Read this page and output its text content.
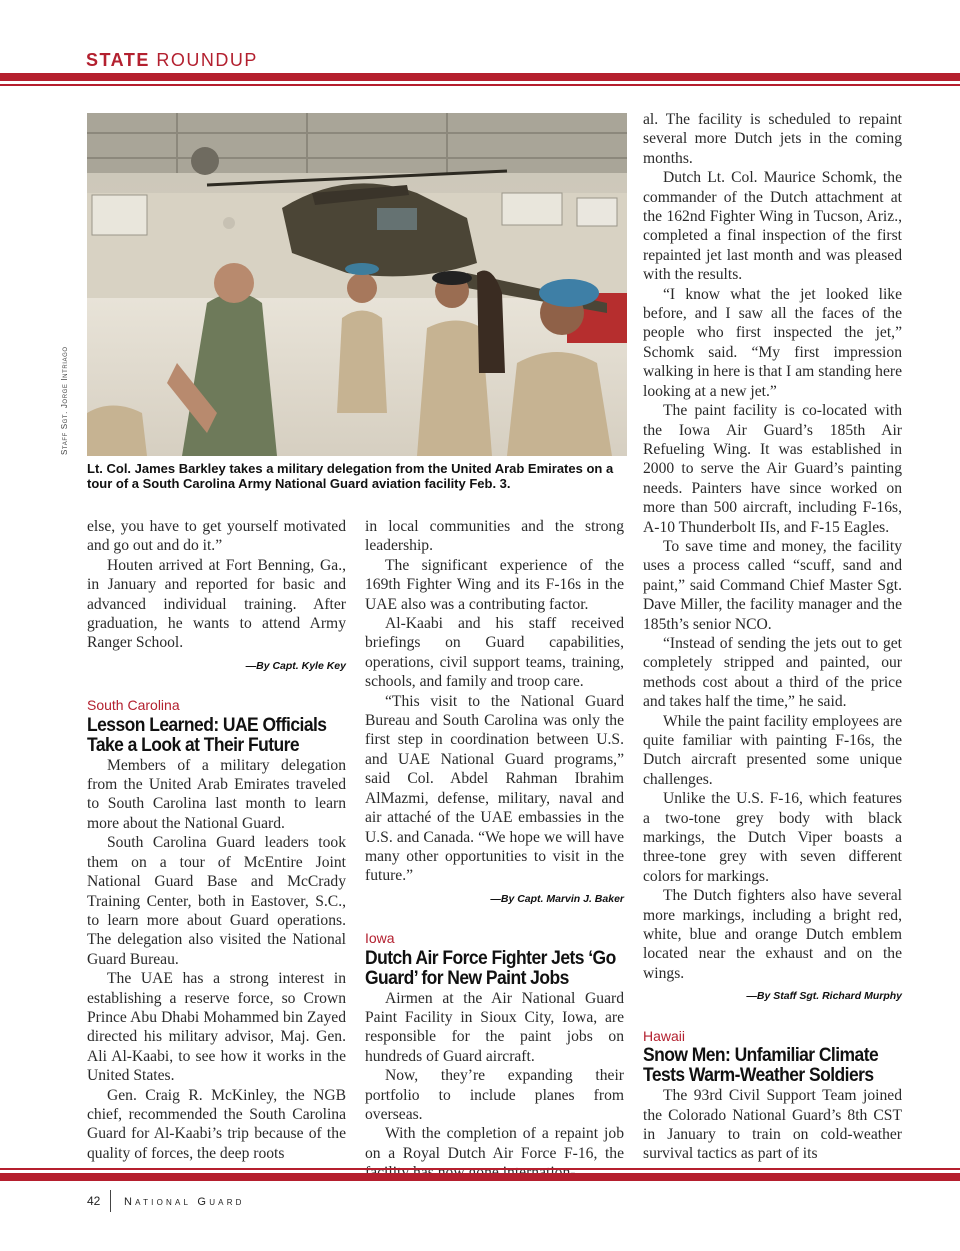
STATE ROUNDUP
Staff Sgt. Jorge Intriago
Lt. Col. James Barkley takes a military delegation from the United Arab Emirates on a tour of a South Carolina Army National Guard aviation facility Feb. 3.

else, you have to get yourself motivated and go out and do it.”

Houten arrived at Fort Benning, Ga., in January and reported for basic and advanced individual training. After graduation, he wants to attend Army Ranger School.

—By Capt. Kyle Key
South Carolina
Lesson Learned: UAE Officials Take a Look at Their Future

Members of a military delegation from the United Arab Emirates traveled to South Carolina last month to learn more about the National Guard.

South Carolina Guard leaders took them on a tour of McEntire Joint National Guard Base and McCrady Training Center, both in Eastover, S.C., to learn more about Guard operations. The delegation also visited the National Guard Bureau.

The UAE has a strong interest in establishing a reserve force, so Crown Prince Abu Dhabi Mohammed bin Zayed directed his military advisor, Maj. Gen. Ali Al-Kaabi, to see how it works in the United States.

Gen. Craig R. McKinley, the NGB chief, recommended the South Carolina Guard for Al-Kaabi’s trip because of the quality of forces, the deep roots

in local communities and the strong leadership.

The significant experience of the 169th Fighter Wing and its F-16s in the UAE also was a contributing factor.

Al-Kaabi and his staff received briefings on Guard capabilities, operations, civil support teams, training, schools, and family and troop care.

“This visit to the National Guard Bureau and South Carolina was only the first step in coordination between U.S. and UAE National Guard programs,” said Col. Abdel Rahman Ibrahim AlMazmi, defense, military, naval and air attaché of the UAE embassies in the U.S. and Canada. “We hope we will have many other opportunities to visit in the future.”

—By Capt. Marvin J. Baker
Iowa
Dutch Air Force Fighter Jets ‘Go Guard’ for New Paint Jobs

Airmen at the Air National Guard Paint Facility in Sioux City, Iowa, are responsible for the paint jobs on hundreds of Guard aircraft.

Now, they’re expanding their portfolio to include planes from overseas.

With the completion of a repaint job on a Royal Dutch Air Force F-16, the

al. The facility is scheduled to repaint several more Dutch jets in the coming months.

Dutch Lt. Col. Maurice Schomk, the commander of the Dutch attachment at the 162nd Fighter Wing in Tucson, Ariz., completed a final inspection of the first repainted jet last month and was pleased with the results.

“I know what the jet looked like before, and I saw all the faces of the people who first inspected the jet,” Schomk said. “My first impression walking in here is that I am standing here looking at a new jet.”

The paint facility is co-located with the Iowa Air Guard’s 185th Air Refueling Wing. It was established in 2000 to serve the Air Guard’s painting needs. Painters have since worked on more than 500 aircraft, including F-16s, A-10 Thunderbolt IIs, and F-15 Eagles.

To save time and money, the facility uses a process called “scuff, sand and paint,” said Command Chief Master Sgt. Dave Miller, the facility manager and the 185th’s senior NCO.

“Instead of sending the jets out to get completely stripped and painted, our methods cost about a third of the price and takes half the time,” he said.

While the paint facility employees are quite familiar with painting F-16s, the Dutch aircraft presented some unique challenges.

Unlike the U.S. F-16, which features a two-tone grey body with black markings, the Dutch Viper boasts a three-tone grey with seven different colors for markings.

The Dutch fighters also have several more markings, including a bright red, white, blue and orange Dutch emblem located near the exhaust and on the wings.

—By Staff Sgt. Richard Murphy
Hawaii
Snow Men: Unfamiliar Climate Tests Warm-Weather Soldiers

The 93rd Civil Support Team joined the Colorado National Guard’s 8th CST in January to train on cold-weather survival tactics as part of its

42 National Guard
